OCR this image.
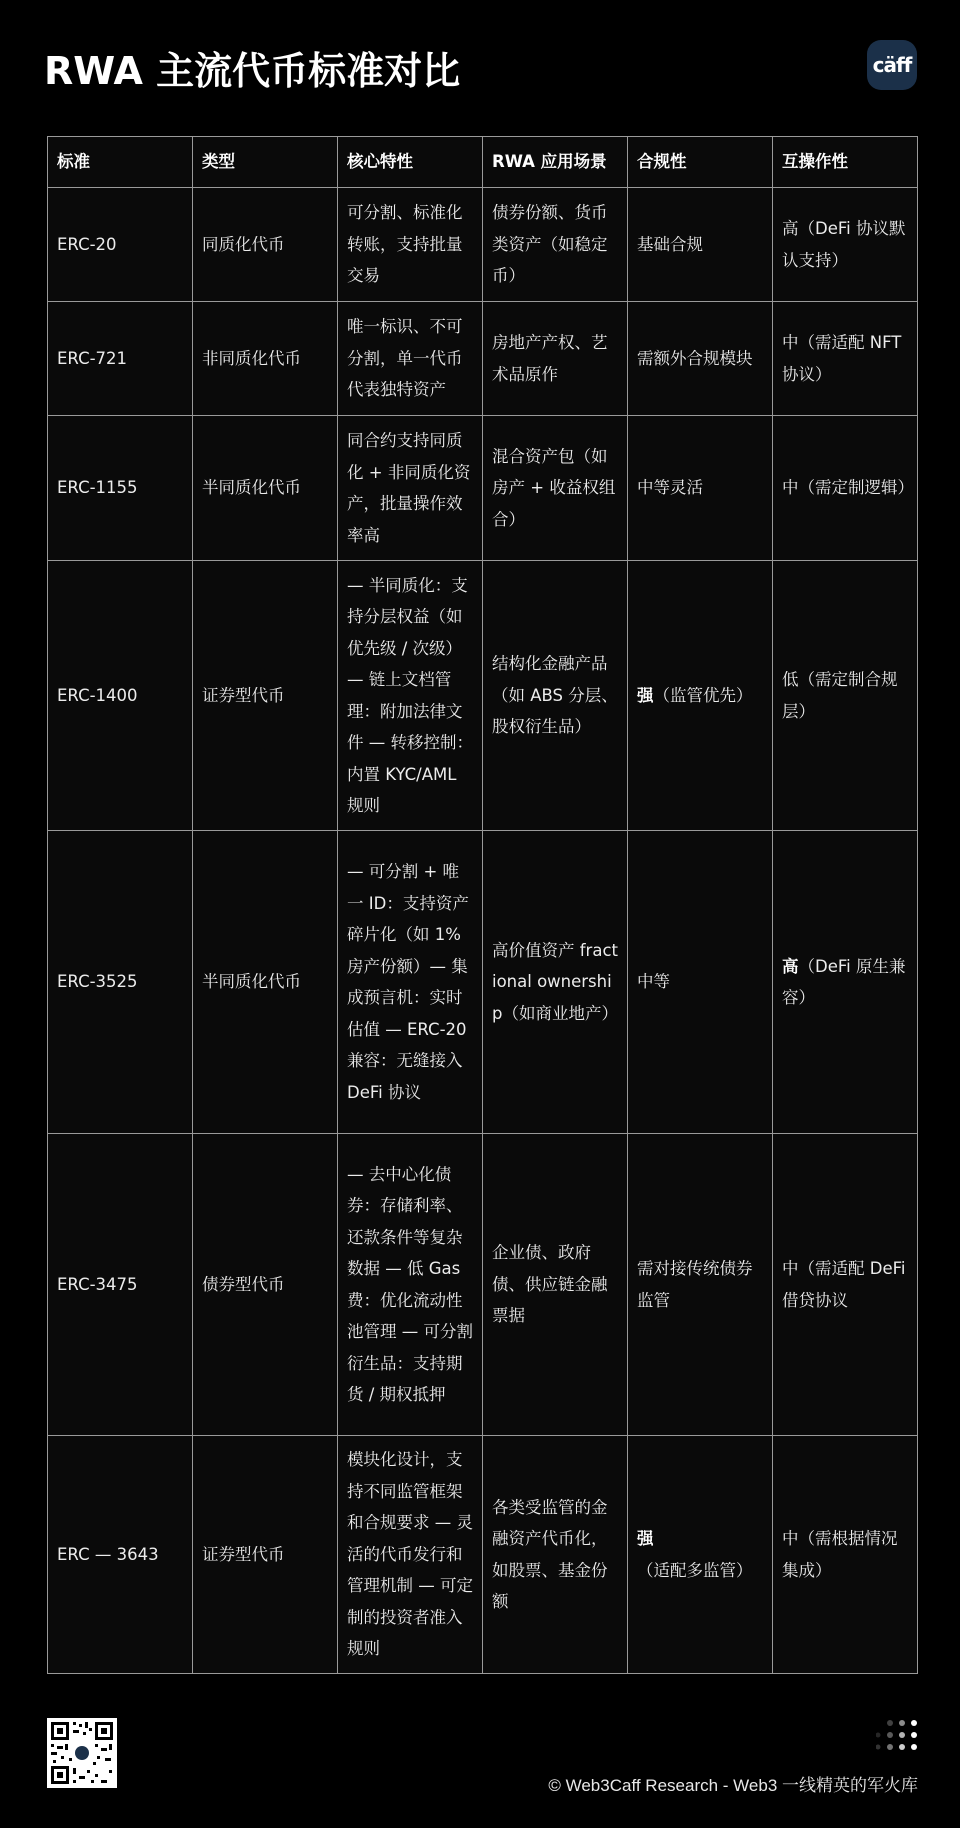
RWA 主流代币标准对比	cäff
标准	类型	核心特性	RWA 应用场景	合规性	互操作性
ERC-20	同质化代币	可分割、标准化转账，支持批量交易	债券份额、货币类资产（如稳定币）	基础合规	高（DeFi 协议默认支持）
ERC-721	非同质化代币	唯一标识、不可分割，单一代币代表独特资产	房地产产权、艺术品原作	需额外合规模块	中（需适配 NFT 协议）
ERC-1155	半同质化代币	同合约支持同质化 + 非同质化资产，批量操作效率高	混合资产包（如房产 + 收益权组合）	中等灵活	中（需定制逻辑）
ERC-1400	证券型代币	— 半同质化：支持分层权益（如优先级 / 次级）— 链上文档管理：附加法律文件 — 转移控制：内置 KYC/AML 规则	结构化金融产品（如 ABS 分层、股权衍生品）	强（监管优先）	低（需定制合规层）
ERC-3525	半同质化代币	— 可分割 + 唯一 ID：支持资产碎片化（如 1% 房产份额）— 集成预言机：实时估值 — ERC-20 兼容：无缝接入 DeFi 协议	高价值资产 fractional ownership（如商业地产）	中等	高（DeFi 原生兼容）
ERC-3475	债券型代币	— 去中心化债券：存储利率、还款条件等复杂数据 — 低 Gas 费：优化流动性池管理 — 可分割衍生品：支持期货 / 期权抵押	企业债、政府债、供应链金融票据	需对接传统债券监管	中（需适配 DeFi 借贷协议
ERC — 3643	证券型代币	模块化设计，支持不同监管框架和合规要求 — 灵活的代币发行和管理机制 — 可定制的投资者准入规则	各类受监管的金融资产代币化，如股票、基金份额	强（适配多监管）	中（需根据情况集成）
© Web3Caff Research - Web3 一线精英的军火库
